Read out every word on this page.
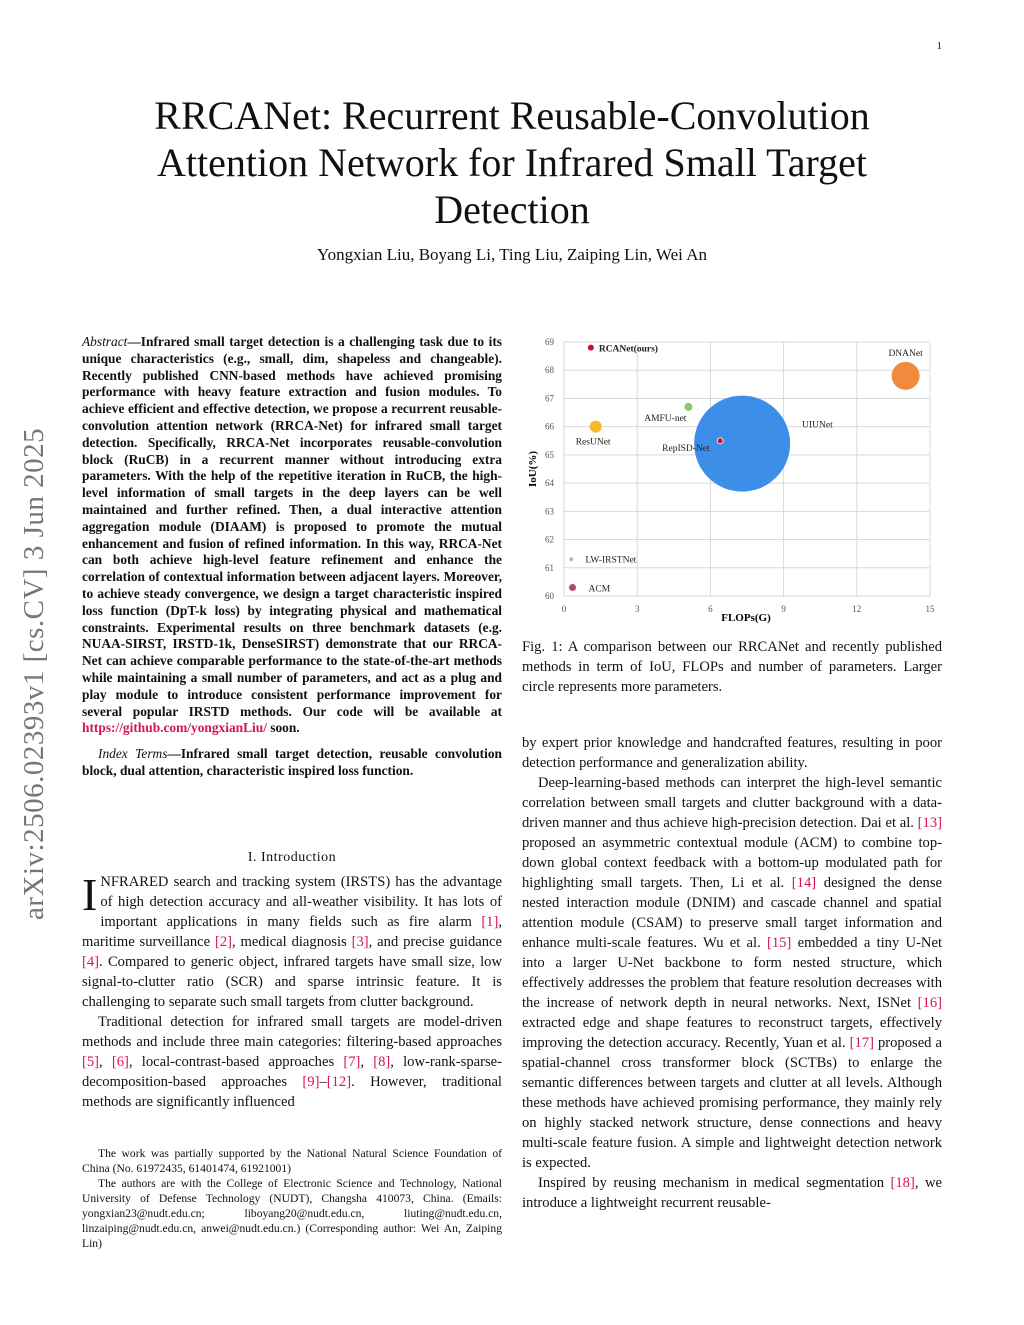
1
arXiv:2506.02393v1 [cs.CV] 3 Jun 2025
RRCANet: Recurrent Reusable-Convolution Attention Network for Infrared Small Target Detection
Yongxian Liu, Boyang Li, Ting Liu, Zaiping Lin, Wei An

Abstract—Infrared small target detection is a challenging task due to its unique characteristics (e.g., small, dim, shapeless and changeable). Recently published CNN-based methods have achieved promising performance with heavy feature extraction and fusion modules. To achieve efficient and effective detection, we propose a recurrent reusable-convolution attention network (RRCA-Net) for infrared small target detection. Specifically, RRCA-Net incorporates reusable-convolution block (RuCB) in a recurrent manner without introducing extra parameters. With the help of the repetitive iteration in RuCB, the high-level information of small targets in the deep layers can be well maintained and further refined. Then, a dual interactive attention aggregation module (DIAAM) is proposed to promote the mutual enhancement and fusion of refined information. In this way, RRCA-Net can both achieve high-level feature refinement and enhance the correlation of contextual information between adjacent layers. Moreover, to achieve steady convergence, we design a target characteristic inspired loss function (DpT-k loss) by integrating physical and mathematical constraints. Experimental results on three benchmark datasets (e.g. NUAA-SIRST, IRSTD-1k, DenseSIRST) demonstrate that our RRCA-Net can achieve comparable performance to the state-of-the-art methods while maintaining a small number of parameters, and act as a plug and play module to introduce consistent performance improvement for several popular IRSTD methods. Our code will be available at https://github.com/yongxianLiu/ soon.

Index Terms—Infrared small target detection, reusable convolution block, dual attention, characteristic inspired loss function.

I. Introduction

INFRARED search and tracking system (IRSTS) has the advantage of high detection accuracy and all-weather visibility. It has lots of important applications in many fields such as fire alarm [1], maritime surveillance [2], medical diagnosis [3], and precise guidance [4]. Compared to generic object, infrared targets have small size, low signal-to-clutter ratio (SCR) and sparse intrinsic feature. It is challenging to separate such small targets from clutter background.

Traditional detection for infrared small targets are model-driven methods and include three main categories: filtering-based approaches [5], [6], local-contrast-based approaches [7], [8], low-rank-sparse-decomposition-based approaches [9]–[12]. However, traditional methods are significantly influenced

The work was partially supported by the National Natural Science Foundation of China (No. 61972435, 61401474, 61921001)

The authors are with the College of Electronic Science and Technology, National University of Defense Technology (NUDT), Changsha 410073, China. (Emails: yongxian23@nudt.edu.cn; liboyang20@nudt.edu.cn, liuting@nudt.edu.cn, linzaiping@nudt.edu.cn, anwei@nudt.edu.cn.) (Corresponding author: Wei An, Zaiping Lin)

60
61
62
63
64
65
66
67
68
69
0	3	6	9	12	15
RCANet(ours)	DNANet
AMFU-net
UIUNet
ResUNet
RepISD-Net
LW-IRSTNet
ACM
FLOPs(G)
IoU(%)
Fig. 1: A comparison between our RRCANet and recently published methods in term of IoU, FLOPs and number of parameters. Larger circle represents more parameters.

by expert prior knowledge and handcrafted features, resulting in poor detection performance and generalization ability.

Deep-learning-based methods can interpret the high-level semantic correlation between small targets and clutter background with a data-driven manner and thus achieve high-precision detection. Dai et al. [13] proposed an asymmetric contextual module (ACM) to combine top-down global context feedback with a bottom-up modulated path for highlighting small targets. Then, Li et al. [14] designed the dense nested interaction module (DNIM) and cascade channel and spatial attention module (CSAM) to preserve small target information and enhance multi-scale features. Wu et al. [15] embedded a tiny U-Net into a larger U-Net backbone to form nested structure, which effectively addresses the problem that feature resolution decreases with the increase of network depth in neural networks. Next, ISNet [16] extracted edge and shape features to reconstruct targets, effectively improving the detection accuracy. Recently, Yuan et al. [17] proposed a spatial-channel cross transformer block (SCTBs) to enlarge the semantic differences between targets and clutter at all levels. Although these methods have achieved promising performance, they mainly rely on highly stacked network structure, dense connections and heavy multi-scale feature fusion. A simple and lightweight detection network is expected.

Inspired by reusing mechanism in medical segmentation [18], we introduce a lightweight recurrent reusable-
